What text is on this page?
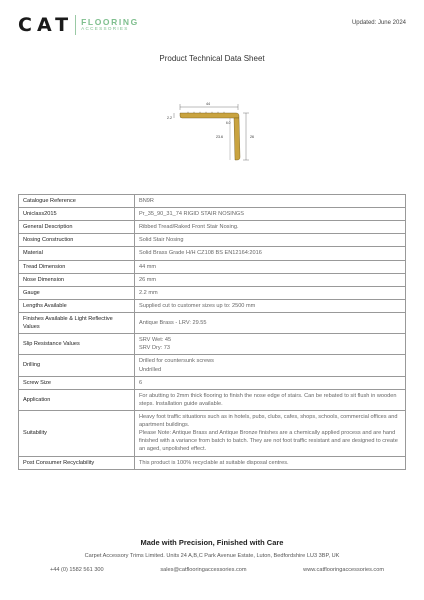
CAT FLOORING
ACCESSORIES
Updated: June 2024
Product Technical Data Sheet
44
2.2
6.0
23.6	26
Catalogue Reference	BN9R

Uniclass2015	Pr_35_90_31_74 RIGID STAIR NOSINGS

General Description	Ribbed Tread/Raked Front Stair Nosing.

Nosing Construction	Solid Stair Nosing

Material	Solid Brass Grade H/H CZ108 BS EN12164:2016

Tread Dimension	44 mm

Nose Dimension	26 mm

Gauge	2.2 mm

Lengths Available	Supplied cut to customer sizes up to: 2500 mm

Finishes Available & Light Reflective Values	Antique Brass - LRV: 29.55

Slip Resistance Values	SRV Wet: 45
SRV Dry: 73

Drilling	Drilled for countersunk screws
Undrilled

Screw Size	6

Application	For abutting to 2mm thick flooring to finish the nose edge of stairs. Can be rebated to sit flush in wooden steps. Installation guide available.

Suitability	Heavy foot traffic situations such as in hotels, pubs, clubs, cafes, shops, schools, commercial offices and apartment buildings.
Please Note: Antique Brass and Antique Bronze finishes are a chemically applied process and are hand finished with a variance from batch to batch. They are not foot traffic resistant and are designed to create an aged, unpolished effect.

Post Consumer Recyclability	This product is 100% recyclable at suitable disposal centres.
Made with Precision, Finished with Care
Carpet Accessory Trims Limited. Units 24 A,B,C Park Avenue Estate, Luton, Bedfordshire LU3 3BP, UK
+44 (0) 1582 561 300	sales@catflooringaccessories.com	www.catflooringaccessories.com
